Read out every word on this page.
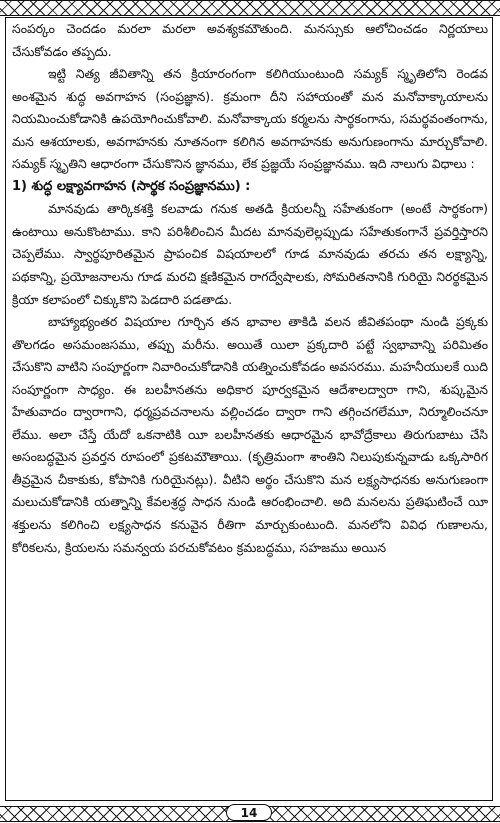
సంపర్కం చెందడం మరలా మరలా అవశ్యకమౌతుంది. మనస్సుకు ఆలోచించడం నిర్ణయాలు చేసుకోవడం తప్పదు.

ఇట్టి నిత్య జీవితాన్ని తన క్రియారంగంగా కలిగియుంటుంది సమ్యక్ స్మృతిలోని రెండవ అంశమైన శుద్ధ అవగాహన (సంప్రజ్ఞాన). క్రమంగా దీని సహాయంతో మన మనోవాక్కాయాలను నియమించుకోడానికి ఉపయోగించుకోవాలి. మనోవాక్కాయ కర్మలను సార్థకంగాను, సమర్థవంతంగాను, మన ఆశయాలకు, అవగాహనకు నూతనంగా కలిగిన అవగాహనకు అనుగుణంగాను మార్చుకోవాలి. సమ్యక్ స్మృతిని ఆధారంగా చేసుకొనిన జ్ఞానము, లేక ప్రజ్ఞయే సంప్రజ్ఞానము. ఇది నాలుగు విధాలు :

1) శుద్ధ లక్ష్యావగాహన (సార్థక సంప్రజ్ఞానము) :

మానవుడు తార్కికశక్తి కలవాడు గనుక అతడి క్రియలన్నీ సహేతుకంగా (అంటే సార్థకంగా) ఉంటాయి అనుకొంటాము. కాని పరిశీలించిన మీదట మానవులెల్లప్పుడు సహేతుకంగానే ప్రవర్తిస్తారని చెప్పలేము. స్వార్థపూరితమైన ప్రాపంచిక విషయాలలో గూడ మానవుడు తరచు తన లక్ష్యాన్ని, పథకాన్ని, ప్రయోజనాలను గూడ మరచి క్షణికమైన రాగద్వేషాలకు, సోమరితనానికి గురియై నిరర్థకమైన క్రియా కలాపంలో చిక్కుకొని పెడదారి పడతాడు.

బాహ్యాభ్యంతర విషయాల గూర్చిన తన భావాల తాకిడి వలన జీవితపంథా నుండి ప్రక్కకు తొలగడం అసమంజసము, తప్పు మరీను. అయితే యిలా ప్రక్కదారి పట్టే స్వభావాన్ని పరిమితం చేసుకొని వాటిని సంపూర్ణంగా నివారించుకోడానికి యత్నించుకోవడం అవసరము. మహనీయులకే యిది సంపూర్ణంగా సాధ్యం. ఈ బలహీనతను అధికార పూర్వకమైన ఆదేశాలద్వారా గాని, శుష్కమైన హేతువాదం ద్వారాగాని, ధర్మప్రవచనాలను వల్లించడం ద్వారా గాని తగ్గించగలేమూ, నిర్మూలించనూ లేము. అలా చేస్తే యేదో ఒకనాటికి యీ బలహీనతకు ఆధారమైన భావోద్రేకాలు తిరుగుబాటు చేసి అసంబద్ధమైన ప్రవర్తన రూపంలో ప్రకటమౌతాయి. (కృత్రిమంగా శాంతిని నిలుపుకున్నవాడు ఒక్కసారిగ తీవ్రమైన చీకాకుకు, కోపానికి గురియైనట్లు). వీటిని అర్థం చేసుకొని మన లక్ష్యసాధనకు అనుగుణంగా మలుచుకోడానికి యత్నాన్ని కేవలశ్రద్ధ సాధన నుండి ఆరంభించాలి. అది మనలను ప్రతిఘటించే యీ శక్తులను కలిగించి లక్ష్యసాధన కనువైన రీతిగా మార్చుకుంటుంది. మనలోని వివిధ గుణాలను, కోరికలను, క్రియలను సమన్వయ పరచుకోవటం క్రమబద్ధము, సహజము అయిన

14
